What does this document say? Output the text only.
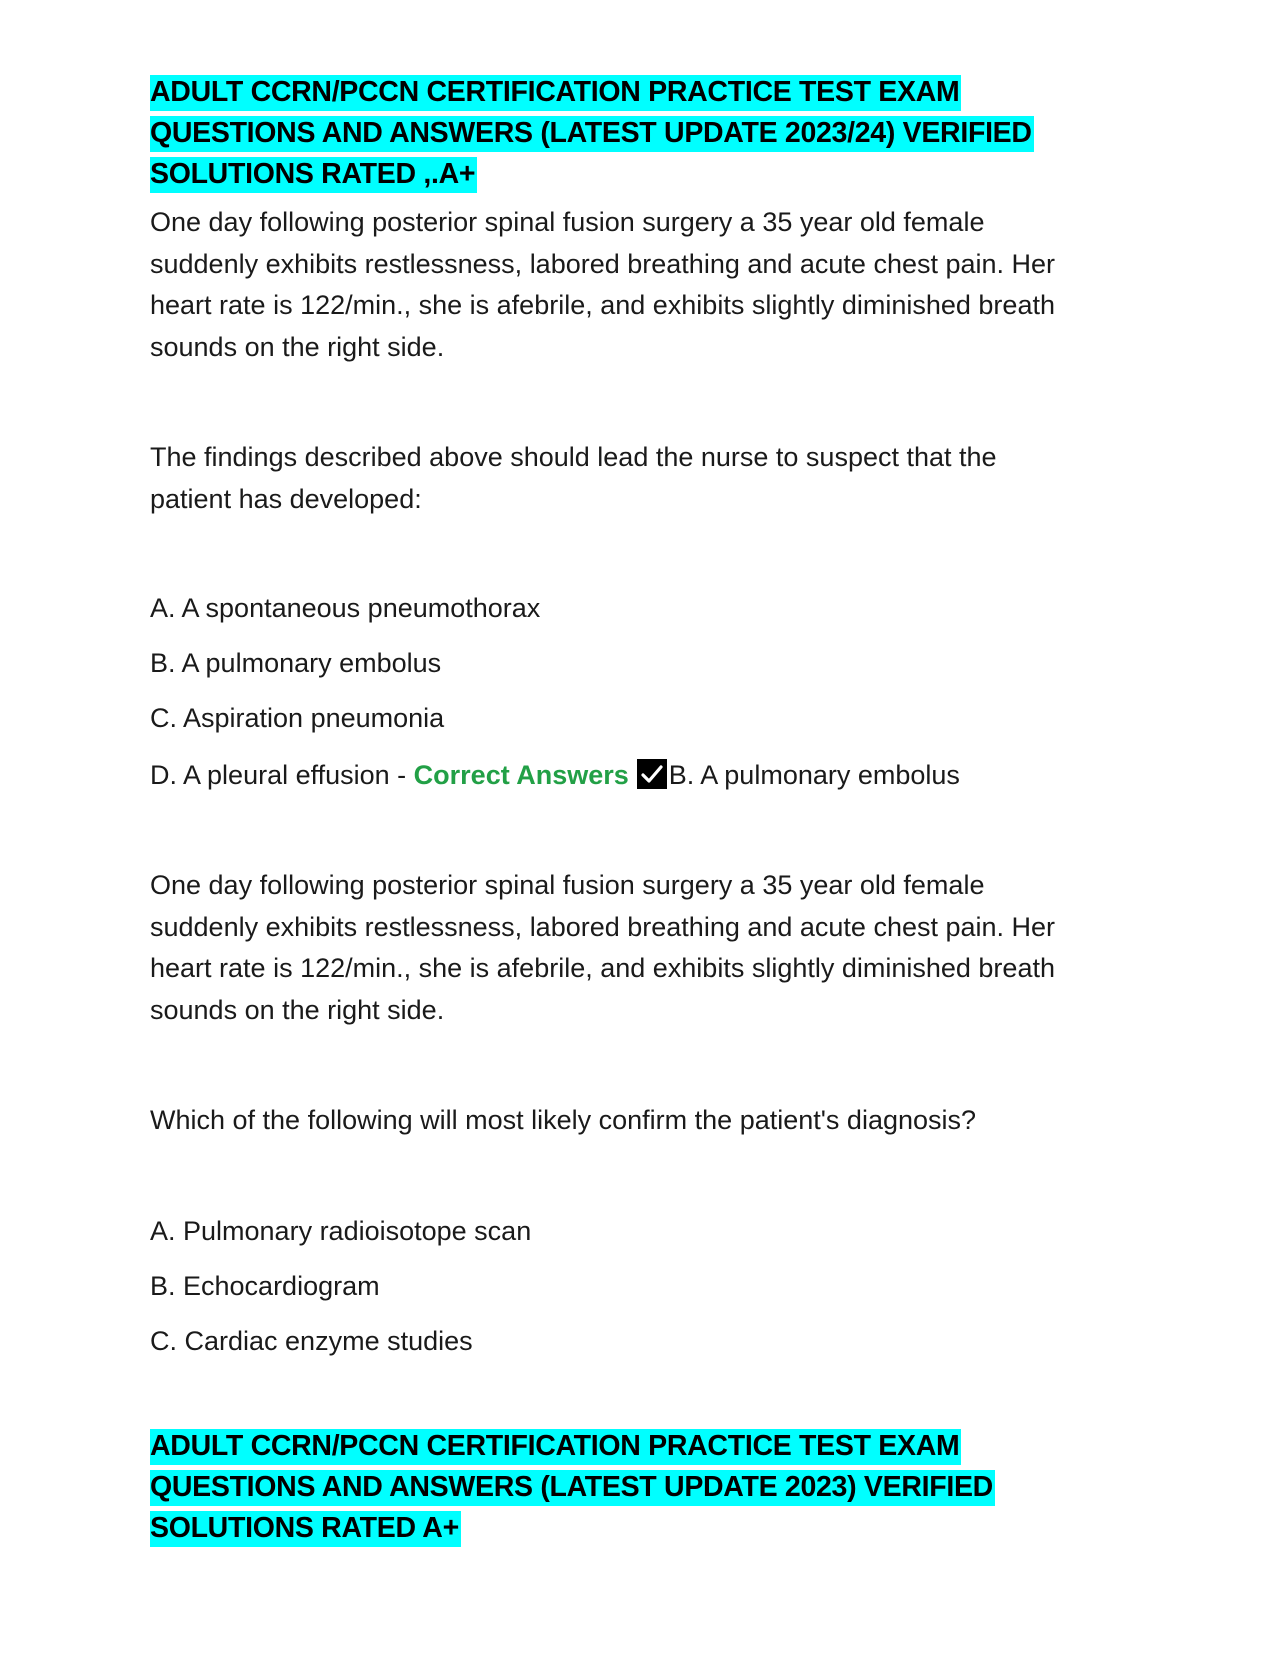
ADULT CCRN/PCCN CERTIFICATION PRACTICE TEST EXAM QUESTIONS AND ANSWERS (LATEST UPDATE 2023/24) VERIFIED SOLUTIONS RATED ,.A+

One day following posterior spinal fusion surgery a 35 year old female suddenly exhibits restlessness, labored breathing and acute chest pain. Her heart rate is 122/min., she is afebrile, and exhibits slightly diminished breath sounds on the right side.

The findings described above should lead the nurse to suspect that the patient has developed:

A. A spontaneous pneumothorax

B. A pulmonary embolus

C. Aspiration pneumonia

D. A pleural effusion - Correct Answers B. A pulmonary embolus

One day following posterior spinal fusion surgery a 35 year old female suddenly exhibits restlessness, labored breathing and acute chest pain. Her heart rate is 122/min., she is afebrile, and exhibits slightly diminished breath sounds on the right side.

Which of the following will most likely confirm the patient's diagnosis?

A. Pulmonary radioisotope scan

B. Echocardiogram

C. Cardiac enzyme studies

ADULT CCRN/PCCN CERTIFICATION PRACTICE TEST EXAM QUESTIONS AND ANSWERS (LATEST UPDATE 2023) VERIFIED SOLUTIONS RATED A+
